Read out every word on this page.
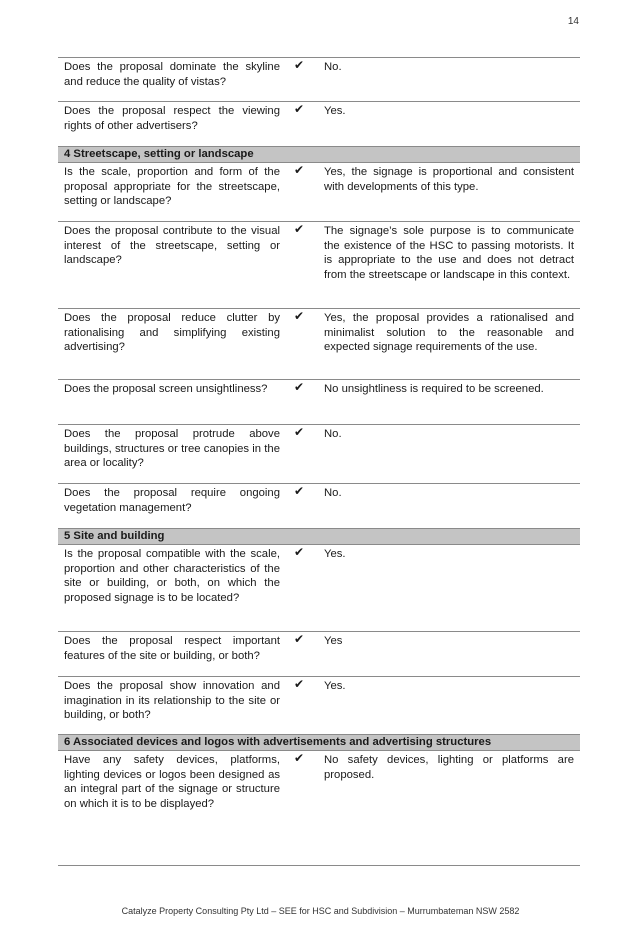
14
Does the proposal dominate the skyline and reduce the quality of vistas?
✔	No.
Does the proposal respect the viewing rights of other advertisers?
✔	Yes.
4 Streetscape, setting or landscape
Is the scale, proportion and form of the proposal appropriate for the streetscape, setting or landscape?
✔	Yes, the signage is proportional and consistent with developments of this type.
Does the proposal contribute to the visual interest of the streetscape, setting or landscape?
✔	The signage’s sole purpose is to communicate the existence of the HSC to passing motorists. It is appropriate to the use and does not detract from the streetscape or landscape in this context.
Does the proposal reduce clutter by rationalising and simplifying existing advertising?
✔	Yes, the proposal provides a rationalised and minimalist solution to the reasonable and expected signage requirements of the use.
Does the proposal screen unsightliness?	✔	No unsightliness is required to be screened.
Does the proposal protrude above buildings, structures or tree canopies in the area or locality?
✔	No.
Does the proposal require ongoing vegetation management?
✔	No.
5 Site and building
Is the proposal compatible with the scale, proportion and other characteristics of the site or building, or both, on which the proposed signage is to be located?
✔	Yes.
Does the proposal respect important features of the site or building, or both?
✔	Yes
Does the proposal show innovation and imagination in its relationship to the site or building, or both?
✔	Yes.
6 Associated devices and logos with advertisements and advertising structures
Have any safety devices, platforms, lighting devices or logos been designed as an integral part of the signage or structure on which it is to be displayed?
✔	No safety devices, lighting or platforms are proposed.
Catalyze Property Consulting Pty Ltd – SEE for HSC and Subdivision – Murrumbateman NSW 2582
